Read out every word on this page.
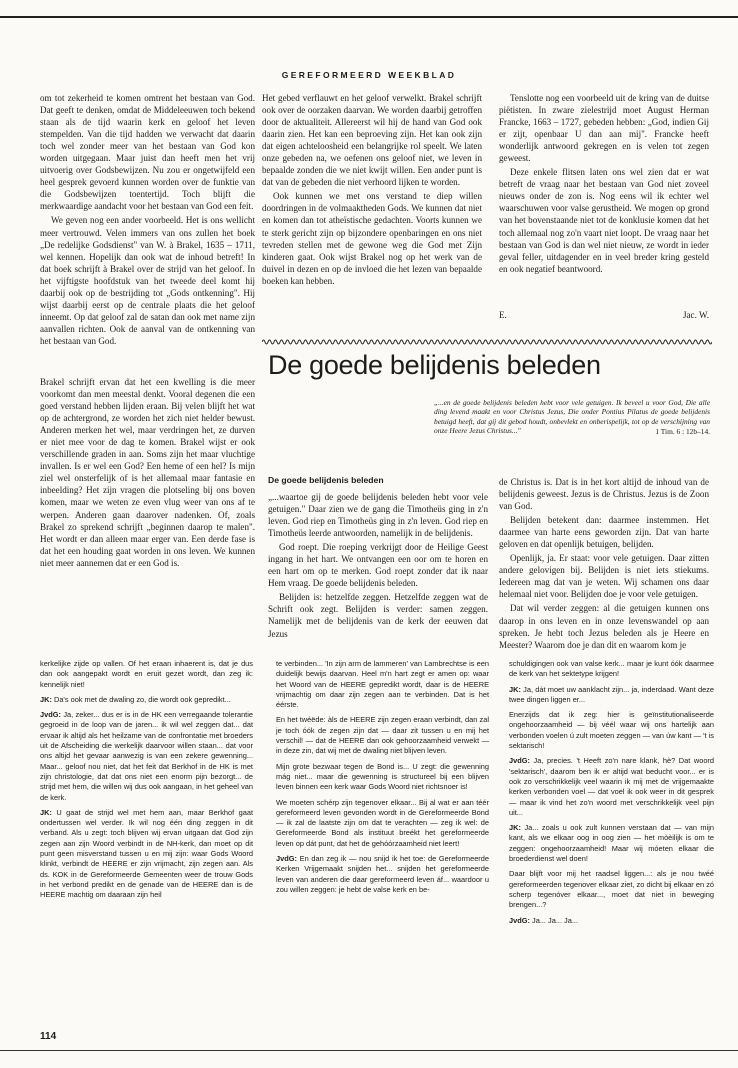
GEREFORMEERD WEEKBLAD

om tot zekerheid te komen omtrent het bestaan van God. Dat geeft te denken, omdat de Middeleeuwen toch bekend staan als de tijd waarin kerk en geloof het leven stempelden. Van die tijd hadden we verwacht dat daarin toch wel zonder meer van het bestaan van God kon worden uitgegaan. Maar juist dan heeft men het vrij uitvoerig over Godsbewijzen. Nu zou er ongetwijfeld een heel gesprek gevoerd kunnen worden over de funktie van die Godsbewijzen toentertijd. Toch blijft die merkwaardige aandacht voor het bestaan van God een feit.

We geven nog een ander voorbeeld. Het is ons wellicht meer vertrouwd. Velen immers van ons zullen het boek „De redelijke Godsdienst" van W. à Brakel, 1635 – 1711, wel kennen. Hopelijk dan ook wat de inhoud betreft! In dat boek schrijft à Brakel over de strijd van het geloof. In het vijftigste hoofdstuk van het tweede deel komt hij daarbij ook op de bestrijding tot „Gods ontkenning". Hij wijst daarbij eerst op de centrale plaats die het geloof inneemt. Op dat geloof zal de satan dan ook met name zijn aanvallen richten. Ook de aanval van de ontkenning van het bestaan van God.

Brakel schrijft ervan dat het een kwelling is die meer voorkomt dan men meestal denkt. Vooral degenen die een goed verstand hebben lijden eraan. Bij velen blijft het wat op de achtergrond, ze worden het zich niet helder bewust. Anderen merken het wel, maar verdringen het, ze durven er niet mee voor de dag te komen. Brakel wijst er ook verschillende graden in aan. Soms zijn het maar vluchtige invallen. Is er wel een God? Een heme of een hel? Is mijn ziel wel onsterfelijk of is het allemaal maar fantasie en inbeelding? Het zijn vragen die plotseling bij ons boven komen, maar we weten ze even vlug weer van ons af te werpen. Anderen gaan daarover nadenken. Of, zoals Brakel zo sprekend schrijft „beginnen daarop te malen". Het wordt er dan alleen maar erger van. Een derde fase is dat het een houding gaat worden in ons leven. We kunnen niet meer aannemen dat er een God is.

Het gebed verflauwt en het geloof verwelkt. Brakel schrijft ook over de oorzaken daarvan. We worden daarbij getroffen door de aktualiteit. Allereerst wil hij de hand van God ook daarin zien. Het kan een beproeving zijn. Het kan ook zijn dat eigen achteloosheid een belangrijke rol speelt. We laten onze gebeden na, we oefenen ons geloof niet, we leven in bepaalde zonden die we niet kwijt willen. Een ander punt is dat van de gebeden die niet verhoord lijken te worden.

Ook kunnen we met ons verstand te diep willen doordringen in de volmaaktheden Gods. We kunnen dat niet en komen dan tot atheïstische gedachten. Voorts kunnen we te sterk gericht zijn op bijzondere openbaringen en ons niet tevreden stellen met de gewone weg die God met Zijn kinderen gaat. Ook wijst Brakel nog op het werk van de duivel in dezen en op de invloed die het lezen van bepaalde boeken kan hebben.

Tenslotte nog een voorbeeld uit de kring van de duitse piëtisten. In zware zielestrijd moet August Herman Francke, 1663 – 1727, gebeden hebben: „God, indien Gij er zijt, openbaar U dan aan mij". Francke heeft wonderlijk antwoord gekregen en is velen tot zegen geweest.

Deze enkele flitsen laten ons wel zien dat er wat betreft de vraag naar het bestaan van God niet zoveel nieuws onder de zon is. Nog eens wil ik echter wel waarschuwen voor valse gerustheid. We mogen op grond van het bovenstaande niet tot de konklusie komen dat het toch allemaal nog zo'n vaart niet loopt. De vraag naar het bestaan van God is dan wel niet nieuw, ze wordt in ieder geval feller, uitdagender en in veel breder kring gesteld en ook negatief beantwoord.

E.	Jac. W.
De goede belijdenis beleden
„...en de goede belijdenis beleden hebt voor vele getuigen. Ik beveel u voor God, Die alle ding levend maakt en voor Christus Jezus, Die onder Pontius Pilatus de goede belijdenis betuigd heeft, dat gij dit gebod houdt, onbevlekt en onberispelijk, tot op de verschijning van onze Heere Jezus Christus..."	1 Tim. 6 : 12b–14.
De goede belijdenis beleden

„...waartoe gij de goede belijdenis beleden hebt voor vele getuigen." Daar zien we de gang die Timotheüs ging in z'n leven. God riep en Timotheüs ging in z'n leven. God riep en Timotheüs leerde antwoorden, namelijk in de belijdenis.

God roept. Die roeping verkrijgt door de Heilige Geest ingang in het hart. We ontvangen een oor om te horen en een hart om op te merken. God roept zonder dat ik naar Hem vraag. De goede belijdenis beleden.

Belijden is: hetzelfde zeggen. Hetzelfde zeggen wat de Schrift ook zegt. Belijden is verder: samen zeggen. Namelijk met de belijdenis van de kerk der eeuwen dat Jezus

de Christus is. Dat is in het kort altijd de inhoud van de belijdenis geweest. Jezus is de Christus. Jezus is de Zoon van God.

Belijden betekent dan: daarmee instemmen. Het daarmee van harte eens geworden zijn. Dat van harte geloven en dat openlijk betuigen, belijden.

Openlijk, ja. Er staat: voor vele getuigen. Daar zitten andere gelovigen bij. Belijden is niet iets stiekums. Iedereen mag dat van je weten. Wij schamen ons daar helemaal niet voor. Belijden doe je voor vele getuigen.

Dat wil verder zeggen: al die getuigen kunnen ons daarop in ons leven en in onze levenswandel op aan spreken. Je hebt toch Jezus beleden als je Heere en Meester? Waarom doe je dan dit en waarom kom je

kerkelijke zijde op vallen. Of het eraan inhaerent is, dat je dus dan ook aangepakt wordt en eruit gezet wordt, dan zeg ik: kennelijk niet!

JK: Da's ook met de dwaling zo, die wordt ook gepredikt...

JvdG: Ja, zeker... dus er is in de HK een verregaande tolerantie gegroeid in de loop van de jaren... ik wil wel zeggen dat... dat ervaar ik altijd als het heilzame van de confrontatie met broeders uit de Afscheiding die werkelijk daarvoor willen staan... dat voor ons altijd het gevaar aanwezig is van een zekere gewenning... Maar... geloof nou niet, dat het feit dat Berkhof in de HK is met zijn christologie, dat dat ons niet een enorm pijn bezorgt... de strijd met hem, die willen wij dus ook aangaan, in het geheel van de kerk.

JK: U gaat de strijd wel met hem aan, maar Berkhof gaat ondertussen wel verder. Ik wil nog één ding zeggen in dit verband. Als u zegt: toch blijven wij ervan uitgaan dat God zijn zegen aan zijn Woord verbindt in de NH-kerk, dan moet op dit punt geen misverstand tussen u en mij zijn: waar Gods Woord klinkt, verbindt de HEERE er zijn vrijmacht, zijn zegen aan. Als ds. KOK in de Gereformeerde Gemeenten weer de trouw Gods in het verbond predikt en de genade van de HEERE dan is de HEERE machtig om daaraan zijn heil

te verbinden... 'In zijn arm de lammeren' van Lambrechtse is een duidelijk bewijs daarvan. Heel m'n hart zegt er amen op: waar het Woord van de HEERE gepredikt wordt, daar is de HEERE vrijmachtig om daar zijn zegen aan te verbinden. Dat is het éérste.

En het twéëde: àls de HEERE zijn zegen eraan verbindt, dan zal je toch óók de zegen zijn dat — daar zit tussen u en mij het verschil! — dat de HEERE dan ook gehoorzaamheid verwekt — in deze zin, dat wij met de dwaling niet blijven leven.

Mijn grote bezwaar tegen de Bond is... U zegt: die gewenning mág niet... maar die gewenning is structureel bij een blijven leven binnen een kerk waar Gods Woord niet richtsnoer is!

We moeten schérp zijn tegenover elkaar... Bij al wat er aan téér gereformeerd leven gevonden wordt in de Gereformeerde Bond — ik zal de laatste zijn om dat te verachten — zeg ik wel: de Gereformeerde Bond als instituut breékt het gereformeerde leven op dát punt, dat het de gehóórzaamheid niet leert!

JvdG: En dan zeg ik — nou snijd ik het toe: de Gereformeerde Kerken Vrijgemaakt snijden het... snijden het gereformeerde leven van anderen die daar gereformeerd leven áf... waardoor u zou willen zeggen: je hebt de valse kerk en be-

schuldigingen ook van valse kerk... maar je kunt óók daarmee de kerk van het sektetype krijgen!

JK: Ja, dát moet uw aanklacht zijn... ja, inderdaad. Want deze twee dingen liggen er...

Enerzijds dat ik zeg: hier is geïnstitutionaliseerde ongehoorzaamheid — bij véél waar wij ons hartelijk aan verbonden voelen ú zult moeten zeggen — van úw kant — 't is sektarisch!

JvdG: Ja, precies. 't Heeft zo'n nare klank, hè? Dat woord 'sektarisch', daarom ben ik er altijd wat beducht voor... er is ook zo verschrikkelijk veel waarin ik mij met de vrijgemaakte kerken verbonden voel — dat voel ik ook weer in dit gesprek — maar ik vind het zo'n woord met verschrikkelijk veel pijn uit...

JK: Ja... zoals u ook zult kunnen verstaan dat — van mijn kant, als we elkaar oog in oog zien — het mòèilijk is om te zeggen: ongehoorzaamheid! Maar wij móeten elkaar die broederdienst wel doen!

Daar blijft voor mij het raadsel liggen...: als je nou twéé gereformeerden tegenover elkaar ziet, zo dicht bij elkaar en zó scherp tegenóver elkaar..., moet dat niet in beweging brengen...?

JvdG: Ja... Ja... Ja...

114
